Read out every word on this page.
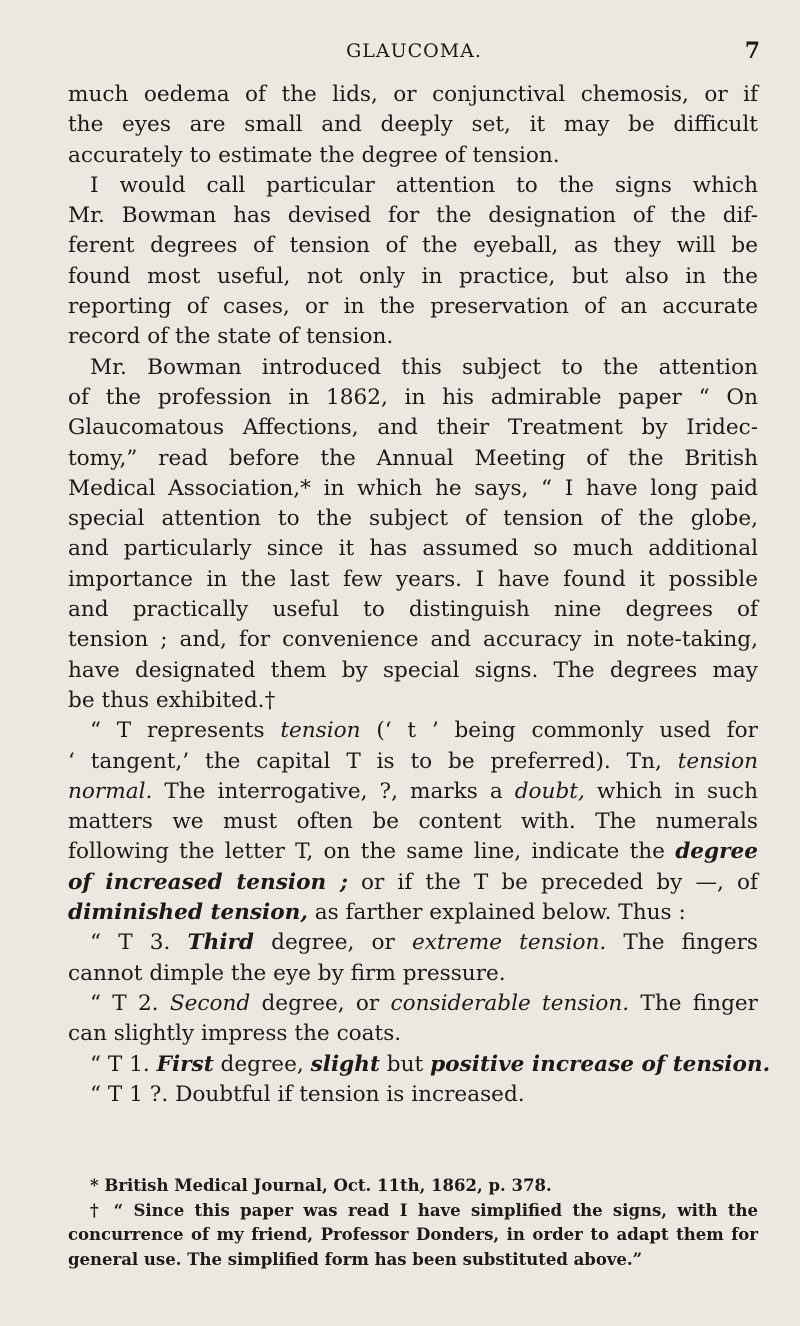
GLAUCOMA.	7
much oedema of the lids, or conjunctival chemosis, or if
the eyes are small and deeply set, it may be difficult
accurately to estimate the degree of tension.
I would call particular attention to the signs which
Mr. Bowman has devised for the designation of the dif-
ferent degrees of tension of the eyeball, as they will be
found most useful, not only in practice, but also in the
reporting of cases, or in the preservation of an accurate
record of the state of tension.
Mr. Bowman introduced this subject to the attention
of the profession in 1862, in his admirable paper “ On
Glaucomatous Affections, and their Treatment by Iridec-
tomy,” read before the Annual Meeting of the British
Medical Association,* in which he says, “ I have long paid
special attention to the subject of tension of the globe,
and particularly since it has assumed so much additional
importance in the last few years. I have found it possible
and practically useful to distinguish nine degrees of
tension ; and, for convenience and accuracy in note-taking,
have designated them by special signs. The degrees may
be thus exhibited.†
“ T represents tension (‘ t ’ being commonly used for
‘ tangent,’ the capital T is to be preferred). Tn, tension
normal. The interrogative, ?, marks a doubt, which in such
matters we must often be content with. The numerals
following the letter T, on the same line, indicate the degree
of increased tension ; or if the T be preceded by —, of
diminished tension, as farther explained below. Thus :
“ T 3. Third degree, or extreme tension. The fingers
cannot dimple the eye by firm pressure.
“ T 2. Second degree, or considerable tension. The finger
can slightly impress the coats.
“ T 1. First degree, slight but positive increase of tension.
“ T 1 ?. Doubtful if tension is increased.
* British Medical Journal, Oct. 11th, 1862, p. 378.
† “ Since this paper was read I have simplified the signs, with the
concurrence of my friend, Professor Donders, in order to adapt them for
general use. The simplified form has been substituted above.”
